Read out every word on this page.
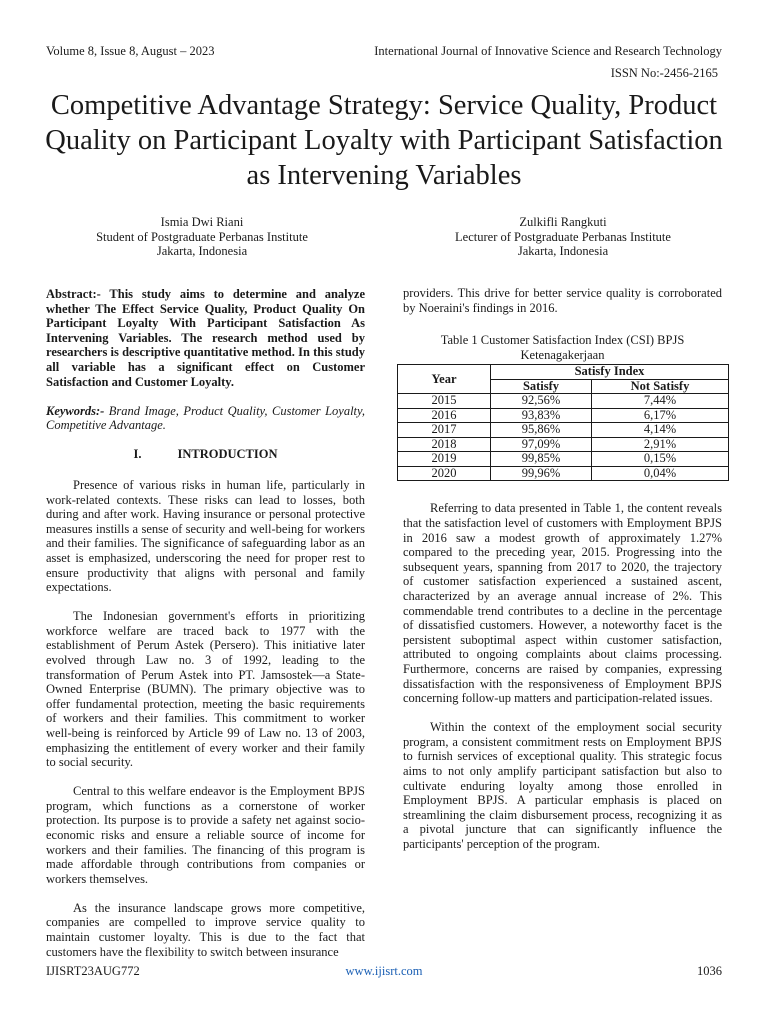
Volume 8, Issue 8, August – 2023	International Journal of Innovative Science and Research Technology
ISSN No:-2456-2165
Competitive Advantage Strategy: Service Quality, Product Quality on Participant Loyalty with Participant Satisfaction as Intervening Variables
Ismia Dwi Riani
Student of Postgraduate Perbanas Institute
Jakarta, Indonesia
Zulkifli Rangkuti
Lecturer of Postgraduate Perbanas Institute
Jakarta, Indonesia

Abstract:- This study aims to determine and analyze whether The Effect Service Quality, Product Quality On Participant Loyalty With Participant Satisfaction As Intervening Variables. The research method used by researchers is descriptive quantitative method. In this study all variable has a significant effect on Customer Satisfaction and Customer Loyalty.

Keywords:- Brand Image, Product Quality, Customer Loyalty, Competitive Advantage.

I.	INTRODUCTION

Presence of various risks in human life, particularly in work-related contexts. These risks can lead to losses, both during and after work. Having insurance or personal protective measures instills a sense of security and well-being for workers and their families. The significance of safeguarding labor as an asset is emphasized, underscoring the need for proper rest to ensure productivity that aligns with personal and family expectations.

The Indonesian government's efforts in prioritizing workforce welfare are traced back to 1977 with the establishment of Perum Astek (Persero). This initiative later evolved through Law no. 3 of 1992, leading to the transformation of Perum Astek into PT. Jamsostek—a State-Owned Enterprise (BUMN). The primary objective was to offer fundamental protection, meeting the basic requirements of workers and their families. This commitment to worker well-being is reinforced by Article 99 of Law no. 13 of 2003, emphasizing the entitlement of every worker and their family to social security.

Central to this welfare endeavor is the Employment BPJS program, which functions as a cornerstone of worker protection. Its purpose is to provide a safety net against socio-economic risks and ensure a reliable source of income for workers and their families. The financing of this program is made affordable through contributions from companies or workers themselves.

As the insurance landscape grows more competitive, companies are compelled to improve service quality to maintain customer loyalty. This is due to the fact that customers have the flexibility to switch between insurance

providers. This drive for better service quality is corroborated by Noeraini's findings in 2016.

Table 1 Customer Satisfaction Index (CSI) BPJS Ketenagakerjaan

Year	Satisfy Index	
	Satisfy	Not Satisfy
2015	92,56%	7,44%
2016	93,83%	6,17%
2017	95,86%	4,14%
2018	97,09%	2,91%
2019	99,85%	0,15%
2020	99,96%	0,04%

Referring to data presented in Table 1, the content reveals that the satisfaction level of customers with Employment BPJS in 2016 saw a modest growth of approximately 1.27% compared to the preceding year, 2015. Progressing into the subsequent years, spanning from 2017 to 2020, the trajectory of customer satisfaction experienced a sustained ascent, characterized by an average annual increase of 2%. This commendable trend contributes to a decline in the percentage of dissatisfied customers. However, a noteworthy facet is the persistent suboptimal aspect within customer satisfaction, attributed to ongoing complaints about claims processing. Furthermore, concerns are raised by companies, expressing dissatisfaction with the responsiveness of Employment BPJS concerning follow-up matters and participation-related issues.

Within the context of the employment social security program, a consistent commitment rests on Employment BPJS to furnish services of exceptional quality. This strategic focus aims to not only amplify participant satisfaction but also to cultivate enduring loyalty among those enrolled in Employment BPJS. A particular emphasis is placed on streamlining the claim disbursement process, recognizing it as a pivotal juncture that can significantly influence the participants' perception of the program.

IJISRT23AUG772	www.ijisrt.com	1036
